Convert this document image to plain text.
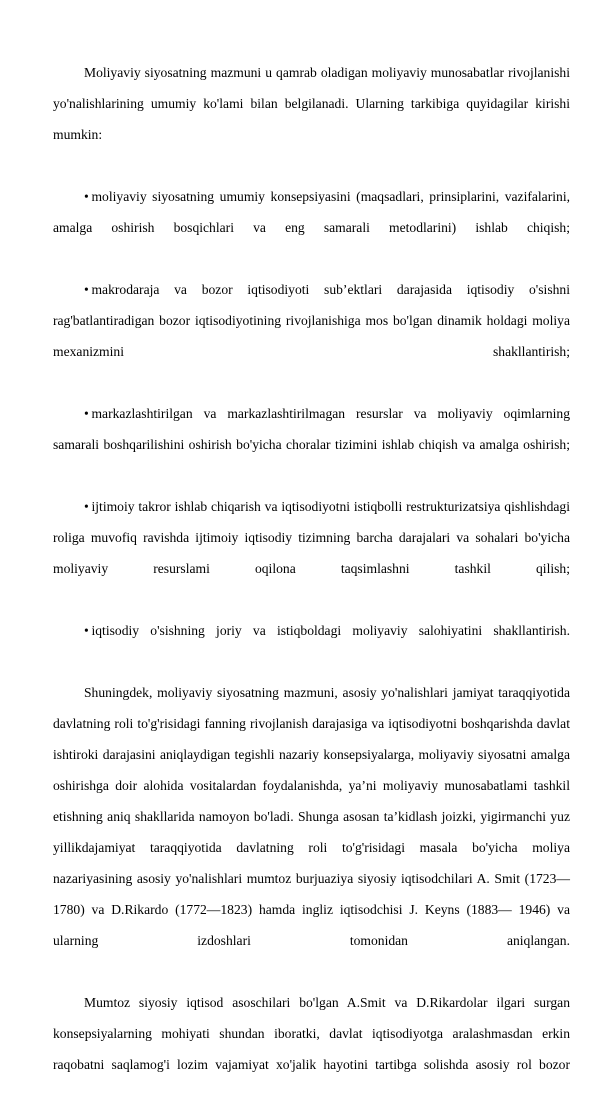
Moliyaviy siyosatning mazmuni u qamrab oladigan moliyaviy munosabatlar rivojlanishi yo'nalishlarining umumiy ko'lami bilan belgilanadi. Ularning tarkibiga quyidagilar kirishi mumkin:

• moliyaviy siyosatning umumiy konsepsiyasini (maqsadlari, prinsiplarini, vazifalarini, amalga oshirish bosqichlari va eng samarali metodlarini) ishlab chiqish;

• makrodaraja va bozor iqtisodiyoti sub’ektlari darajasida iqtisodiy o'sishni rag'batlantiradigan bozor iqtisodiyotining rivojlanishiga mos bo'lgan dinamik holdagi moliya mexanizmini shakllantirish;

• markazlashtirilgan va markazlashtirilmagan resurslar va moliyaviy oqimlarning samarali boshqarilishini oshirish bo'yicha choralar tizimini ishlab chiqish va amalga oshirish;

• ijtimoiy takror ishlab chiqarish va iqtisodiyotni istiqbolli restrukturizatsiya qishlishdagi roliga muvofiq ravishda ijtimoiy iqtisodiy tizimning barcha darajalari va sohalari bo'yicha moliyaviy resurslami oqilona taqsimlashni tashkil qilish;

• iqtisodiy o'sishning joriy va istiqboldagi moliyaviy salohiyatini shakllantirish.

Shuningdek, moliyaviy siyosatning mazmuni, asosiy yo'nalishlari jamiyat taraqqiyotida davlatning roli to'g'risidagi fanning rivojlanish darajasiga va iqtisodiyotni boshqarishda davlat ishtiroki darajasini aniqlaydigan tegishli nazariy konsepsiyalarga, moliyaviy siyosatni amalga oshirishga doir alohida vositalardan foydalanishda, ya’ni moliyaviy munosabatlami tashkil etishning aniq shakllarida namoyon bo'ladi. Shunga asosan ta’kidlash joizki, yigirmanchi yuz yillikdajamiyat taraqqiyotida davlatning roli to'g'risidagi masala bo'yicha moliya nazariyasining asosiy yo'nalishlari mumtoz burjuaziya siyosiy iqtisodchilari A. Smit (1723—1780) va D.Rikardo (1772—1823) hamda ingliz iqtisodchisi J. Keyns (1883— 1946) va ularning izdoshlari tomonidan aniqlangan.

Mumtoz siyosiy iqtisod asoschilari bo'lgan A.Smit va D.Rikardolar ilgari surgan konsepsiyalarning mohiyati shundan iboratki, davlat iqtisodiyotga aralashmasdan erkin raqobatni saqlamog'i lozim vajamiyat xo'jalik hayotini tartibga solishda asosiy rol bozor
